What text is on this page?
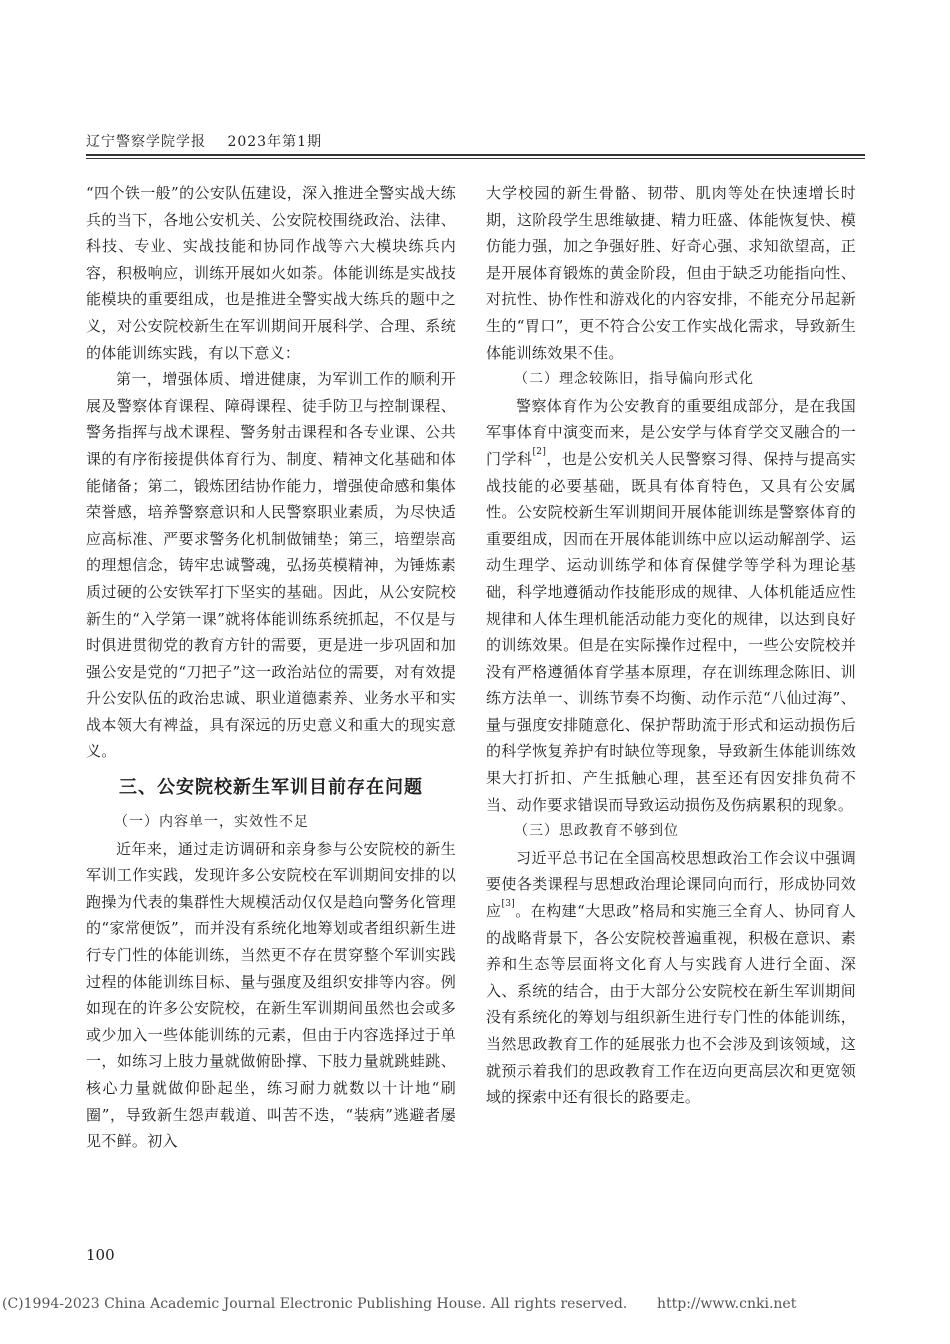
辽宁警察学院学报 2023年第1期

“四个铁一般”的公安队伍建设，深入推进全警实战大练兵的当下，各地公安机关、公安院校围绕政治、法律、科技、专业、实战技能和协同作战等六大模块练兵内容，积极响应，训练开展如火如荼。体能训练是实战技能模块的重要组成，也是推进全警实战大练兵的题中之义，对公安院校新生在军训期间开展科学、合理、系统的体能训练实践，有以下意义：

第一，增强体质、增进健康，为军训工作的顺利开展及警察体育课程、障碍课程、徒手防卫与控制课程、警务指挥与战术课程、警务射击课程和各专业课、公共课的有序衔接提供体育行为、制度、精神文化基础和体能储备；第二，锻炼团结协作能力，增强使命感和集体荣誉感，培养警察意识和人民警察职业素质，为尽快适应高标准、严要求警务化机制做铺垫；第三，培塑崇高的理想信念，铸牢忠诚警魂，弘扬英模精神，为锤炼素质过硬的公安铁军打下坚实的基础。因此，从公安院校新生的“入学第一课”就将体能训练系统抓起，不仅是与时俱进贯彻党的教育方针的需要，更是进一步巩固和加强公安是党的“刀把子”这一政治站位的需要，对有效提升公安队伍的政治忠诚、职业道德素养、业务水平和实战本领大有裨益，具有深远的历史意义和重大的现实意义。

三、公安院校新生军训目前存在问题
（一）内容单一，实效性不足

近年来，通过走访调研和亲身参与公安院校的新生军训工作实践，发现许多公安院校在军训期间安排的以跑操为代表的集群性大规模活动仅仅是趋向警务化管理的“家常便饭”，而并没有系统化地筹划或者组织新生进行专门性的体能训练，当然更不存在贯穿整个军训实践过程的体能训练目标、量与强度及组织安排等内容。例如现在的许多公安院校，在新生军训期间虽然也会或多或少加入一些体能训练的元素，但由于内容选择过于单一，如练习上肢力量就做俯卧撑、下肢力量就跳蛙跳、核心力量就做仰卧起坐，练习耐力就数以十计地“刷圈”，导致新生怨声载道、叫苦不迭，“装病”逃避者屡见不鲜。初入

大学校园的新生骨骼、韧带、肌肉等处在快速增长时期，这阶段学生思维敏捷、精力旺盛、体能恢复快、模仿能力强，加之争强好胜、好奇心强、求知欲望高，正是开展体育锻炼的黄金阶段，但由于缺乏功能指向性、对抗性、协作性和游戏化的内容安排，不能充分吊起新生的“胃口”，更不符合公安工作实战化需求，导致新生体能训练效果不佳。

（二）理念较陈旧，指导偏向形式化

警察体育作为公安教育的重要组成部分，是在我国军事体育中演变而来，是公安学与体育学交叉融合的一门学科[2]，也是公安机关人民警察习得、保持与提高实战技能的必要基础，既具有体育特色，又具有公安属性。公安院校新生军训期间开展体能训练是警察体育的重要组成，因而在开展体能训练中应以运动解剖学、运动生理学、运动训练学和体育保健学等学科为理论基础，科学地遵循动作技能形成的规律、人体机能适应性规律和人体生理机能活动能力变化的规律，以达到良好的训练效果。但是在实际操作过程中，一些公安院校并没有严格遵循体育学基本原理，存在训练理念陈旧、训练方法单一、训练节奏不均衡、动作示范“八仙过海”、量与强度安排随意化、保护帮助流于形式和运动损伤后的科学恢复养护有时缺位等现象，导致新生体能训练效果大打折扣、产生抵触心理，甚至还有因安排负荷不当、动作要求错误而导致运动损伤及伤病累积的现象。

（三）思政教育不够到位

习近平总书记在全国高校思想政治工作会议中强调要使各类课程与思想政治理论课同向而行，形成协同效应[3]。在构建“大思政”格局和实施三全育人、协同育人的战略背景下，各公安院校普遍重视，积极在意识、素养和生态等层面将文化育人与实践育人进行全面、深入、系统的结合，由于大部分公安院校在新生军训期间没有系统化的筹划与组织新生进行专门性的体能训练，当然思政教育工作的延展张力也不会涉及到该领域，这就预示着我们的思政教育工作在迈向更高层次和更宽领域的探索中还有很长的路要走。

100
(C)1994-2023 China Academic Journal Electronic Publishing House. All rights reserved. http://www.cnki.net
